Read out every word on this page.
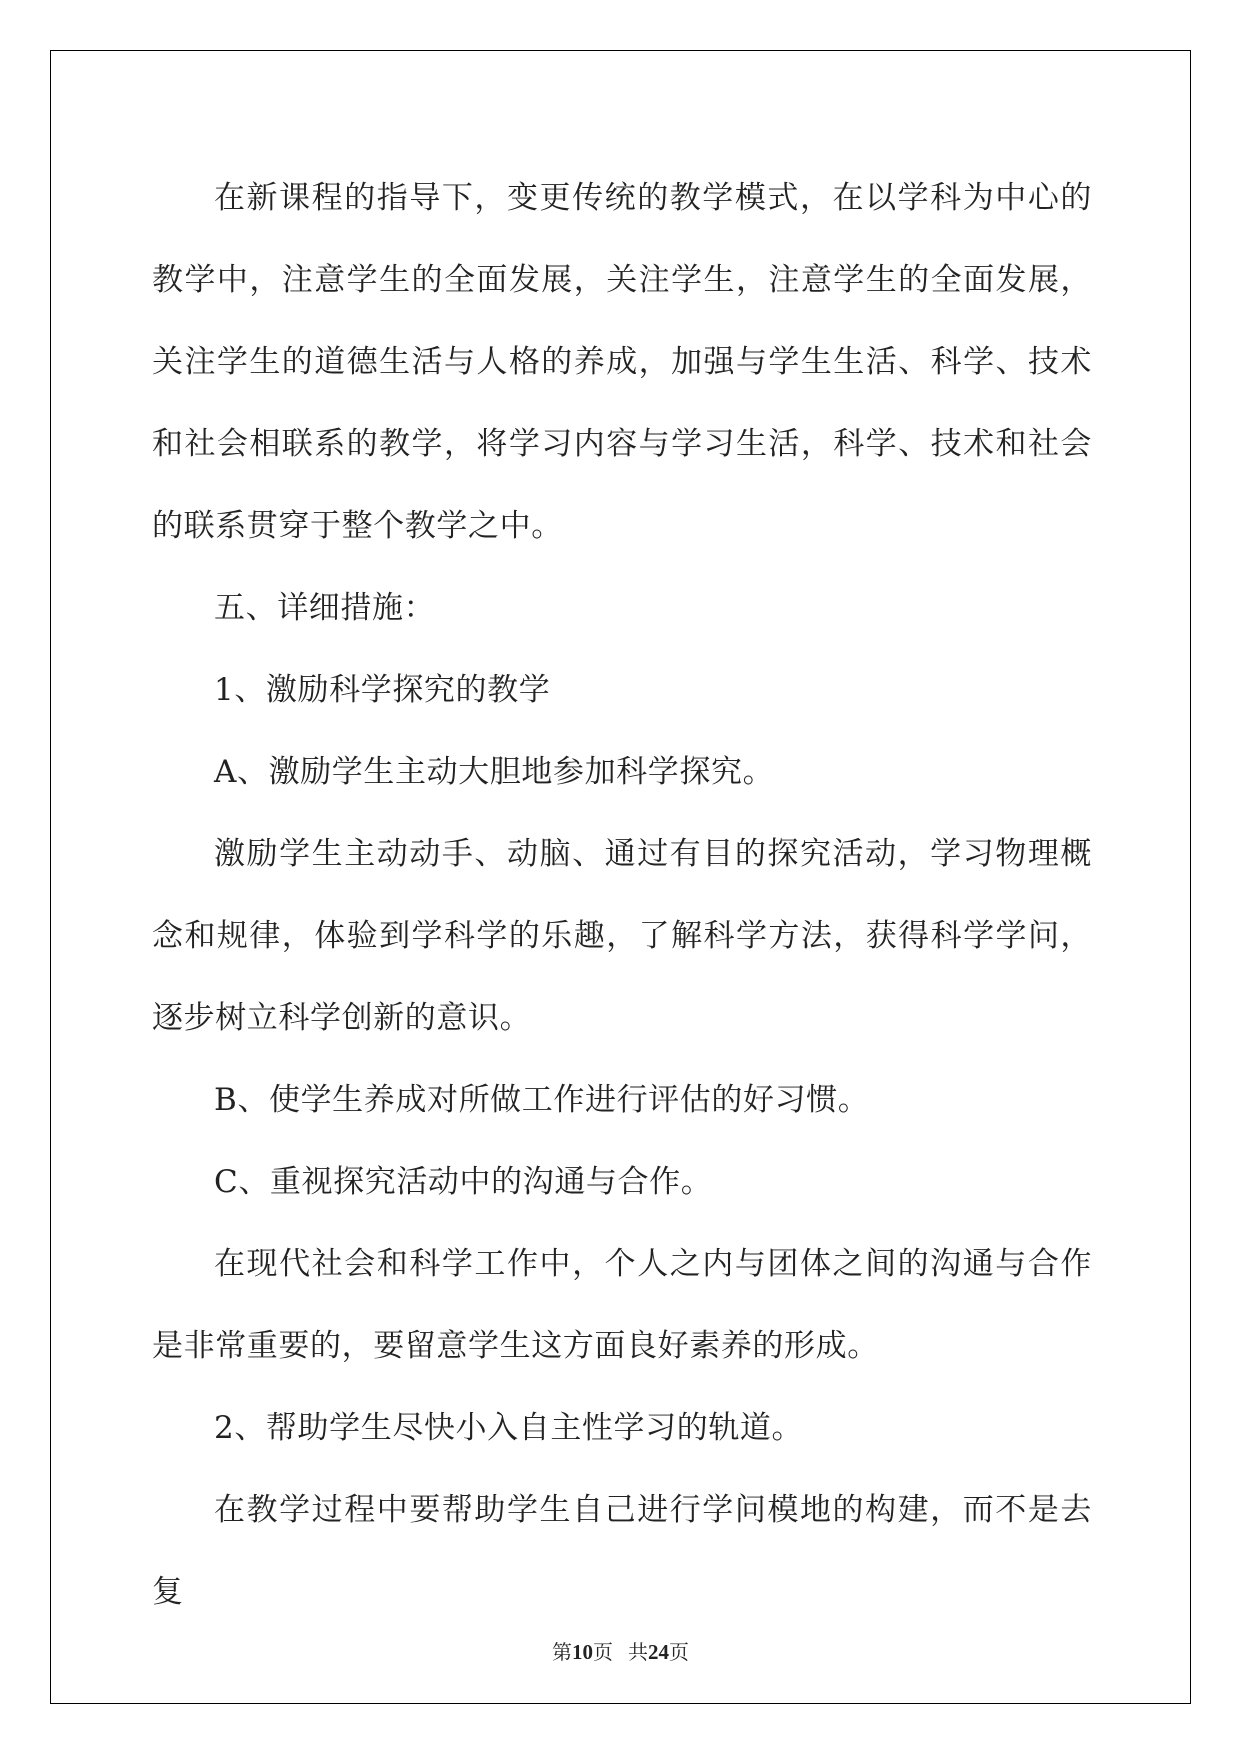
在新课程的指导下，变更传统的教学模式，在以学科为中心的教学中，注意学生的全面发展，关注学生，注意学生的全面发展，关注学生的道德生活与人格的养成，加强与学生生活、科学、技术和社会相联系的教学，将学习内容与学习生活，科学、技术和社会的联系贯穿于整个教学之中。

五、详细措施：

1、激励科学探究的教学

A、激励学生主动大胆地参加科学探究。

激励学生主动动手、动脑、通过有目的探究活动，学习物理概念和规律，体验到学科学的乐趣，了解科学方法，获得科学学问，逐步树立科学创新的意识。

B、使学生养成对所做工作进行评估的好习惯。

C、重视探究活动中的沟通与合作。

在现代社会和科学工作中，个人之内与团体之间的沟通与合作是非常重要的，要留意学生这方面良好素养的形成。

2、帮助学生尽快小入自主性学习的轨道。

在教学过程中要帮助学生自己进行学问模地的构建，而不是去复

第10页   共24页
